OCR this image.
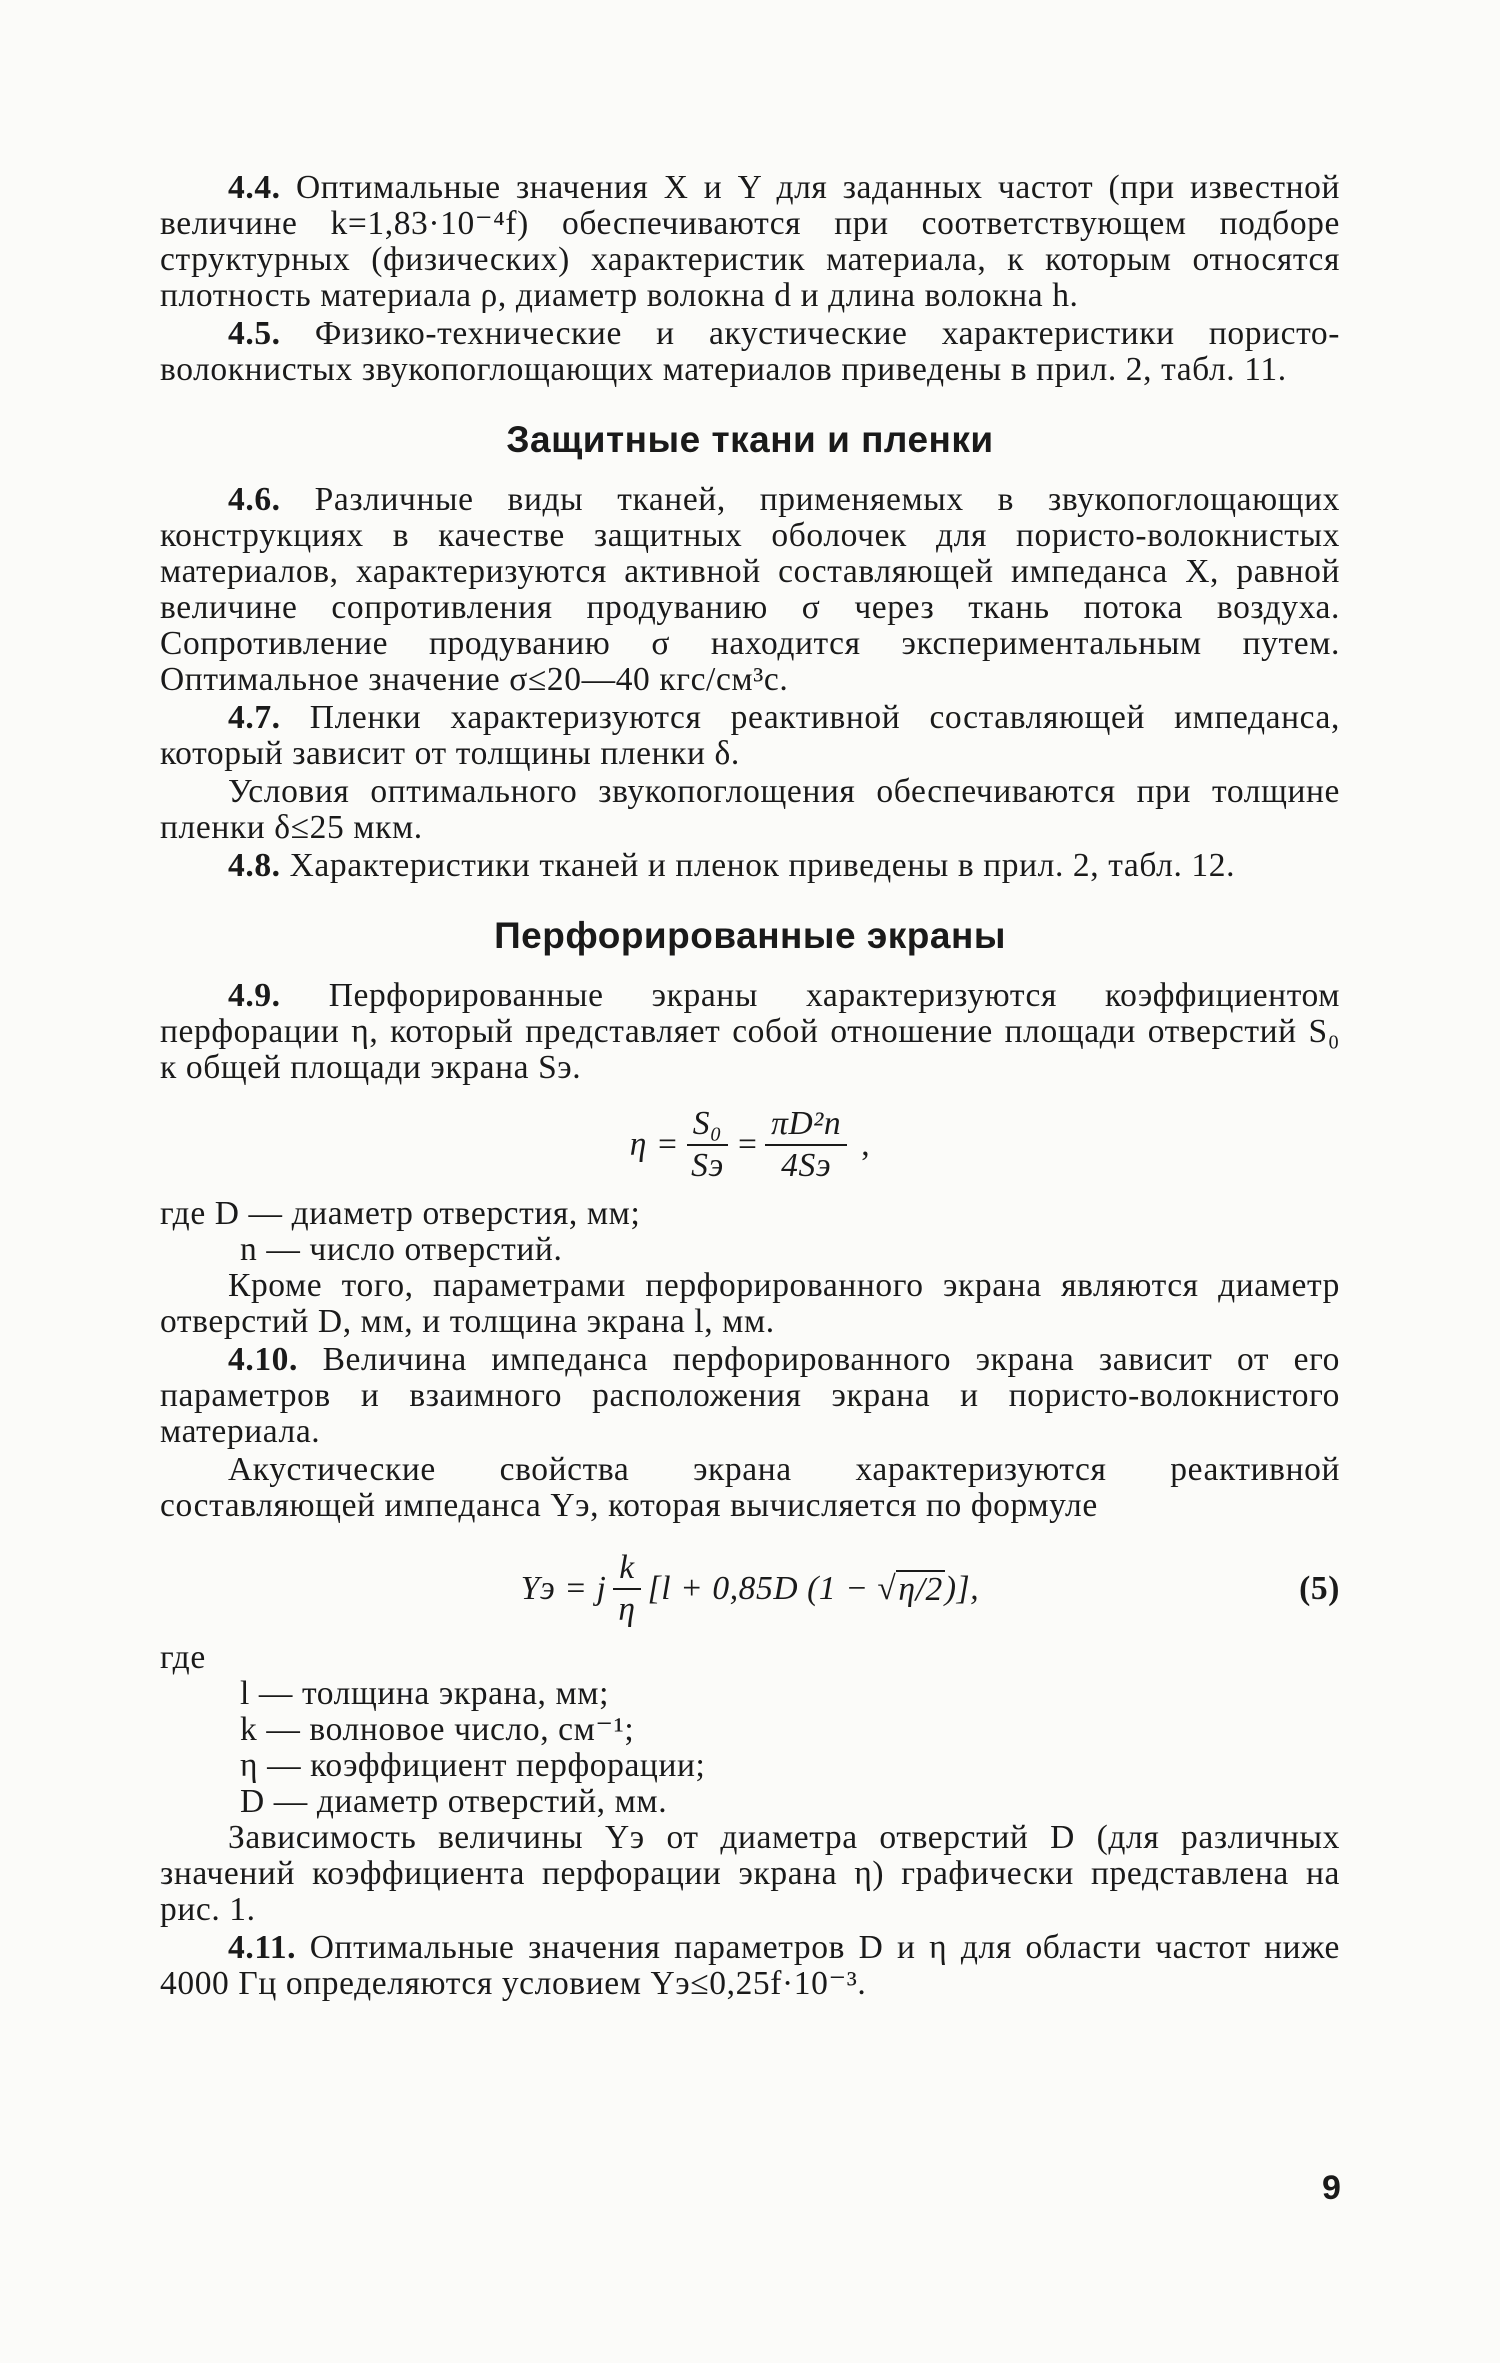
4.4. Оптимальные значения X и Y для заданных частот (при известной величине k=1,83·10⁻⁴f) обеспечиваются при соответствующем подборе структурных (физических) характеристик материала, к которым относятся плотность материала ρ, диаметр волокна d и длина волокна h.

4.5. Физико-технические и акустические характеристики пористо-волокнистых звукопоглощающих материалов приведены в прил. 2, табл. 11.

Защитные ткани и пленки

4.6. Различные виды тканей, применяемых в звукопоглощающих конструкциях в качестве защитных оболочек для пористо-волокнистых материалов, характеризуются активной составляющей импеданса X, равной величине сопротивления продуванию σ через ткань потока воздуха. Сопротивление продуванию σ находится экспериментальным путем. Оптимальное значение σ≤20—40 кгс/см³с.

4.7. Пленки характеризуются реактивной составляющей импеданса, который зависит от толщины пленки δ.

Условия оптимального звукопоглощения обеспечиваются при толщине пленки δ≤25 мкм.

4.8. Характеристики тканей и пленок приведены в прил. 2, табл. 12.

Перфорированные экраны

4.9. Перфорированные экраны характеризуются коэффициентом перфорации η, который представляет собой отношение площади отверстий S₀ к общей площади экрана Sэ.

$\eta = \frac{\text{S₀}}{Sэ} = \frac{\text{πD²n}}{4Sэ}$ ,

где D — диаметр отверстия, мм;

n — число отверстий.

Кроме того, параметрами перфорированного экрана являются диаметр отверстий D, мм, и толщина экрана l, мм.

4.10. Величина импеданса перфорированного экрана зависит от его параметров и взаимного расположения экрана и пористо-волокнистого материала.

Акустические свойства экрана характеризуются реактивной составляющей импеданса Yэ, которая вычисляется по формуле

Yэ = j $\frac{k}{\eta} [l + 0,85D$ (1 − √ η/2 )],	(5)

где

l — толщина экрана, мм;

k — волновое число, см⁻¹;

η — коэффициент перфорации;

D — диаметр отверстий, мм.

Зависимость величины Yэ от диаметра отверстий D (для различных значений коэффициента перфорации экрана η) графически представлена на рис. 1.

4.11. Оптимальные значения параметров D и η для области частот ниже 4000 Гц определяются условием Yэ≤0,25f·10⁻³.

9
